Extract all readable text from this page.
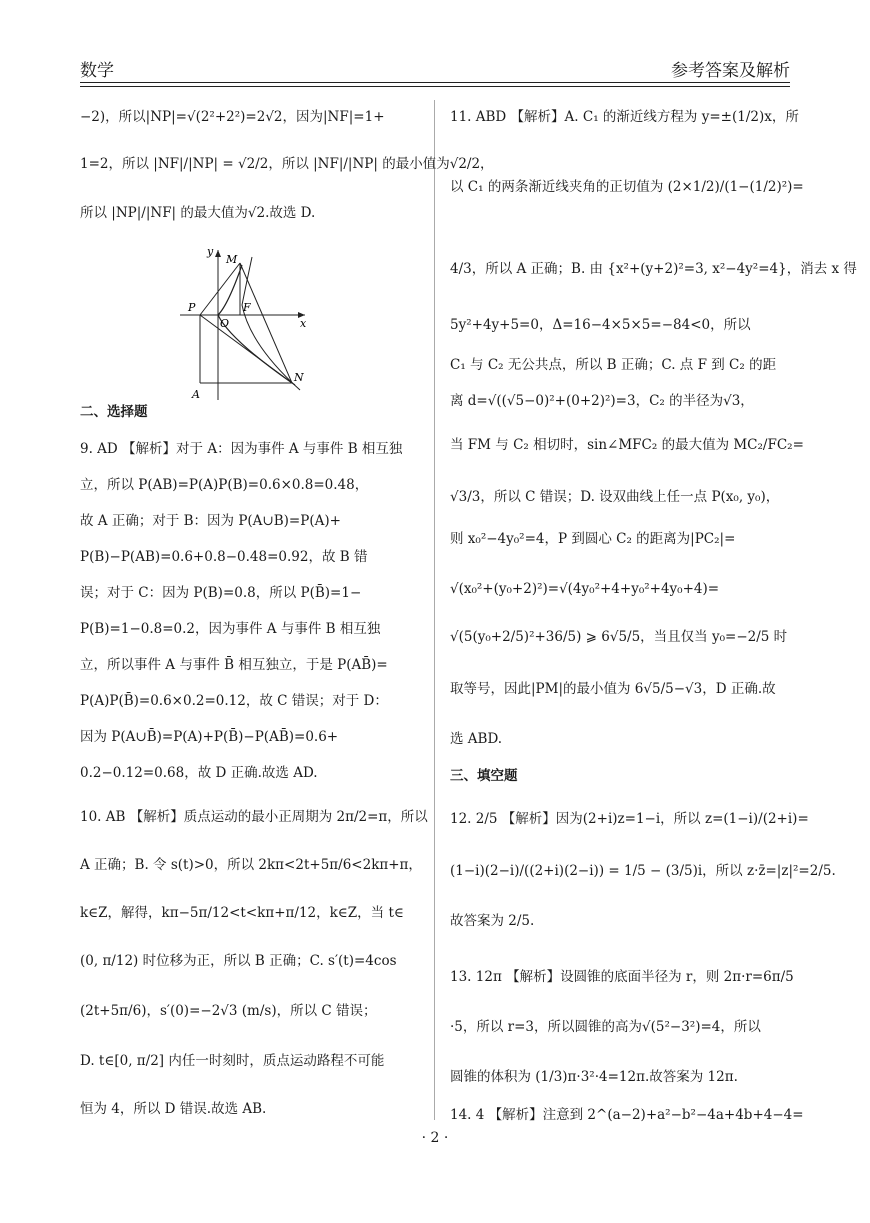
数学	参考答案及解析
−2)，所以|NP|=√(2²+2²)=2√2，因为|NF|=1+
1=2，所以 |NF|/|NP| = √2/2，所以 |NF|/|NP| 的最小值为√2/2，
所以 |NP|/|NF| 的最大值为√2.故选 D.
y
M
P	F
O	x
A
N
二、选择题
9. AD 【解析】对于 A：因为事件 A 与事件 B 相互独
立，所以 P(AB)=P(A)P(B)=0.6×0.8=0.48，
故 A 正确；对于 B：因为 P(A∪B)=P(A)+
P(B)−P(AB)=0.6+0.8−0.48=0.92，故 B 错
误；对于 C：因为 P(B)=0.8，所以 P(B̄)=1−
P(B)=1−0.8=0.2，因为事件 A 与事件 B 相互独
立，所以事件 A 与事件 B̄ 相互独立，于是 P(AB̄)=
P(A)P(B̄)=0.6×0.2=0.12，故 C 错误；对于 D：
因为 P(A∪B̄)=P(A)+P(B̄)−P(AB̄)=0.6+
0.2−0.12=0.68，故 D 正确.故选 AD.
10. AB 【解析】质点运动的最小正周期为 2π/2=π，所以
A 正确；B. 令 s(t)>0，所以 2kπ<2t+5π/6<2kπ+π，
k∈Z，解得，kπ−5π/12<t<kπ+π/12，k∈Z，当 t∈
(0, π/12) 时位移为正，所以 B 正确；C. s′(t)=4cos
(2t+5π/6)，s′(0)=−2√3 (m/s)，所以 C 错误；
D. t∈[0, π/2] 内任一时刻时，质点运动路程不可能
恒为 4，所以 D 错误.故选 AB.
11. ABD 【解析】A. C₁ 的渐近线方程为 y=±(1/2)x，所
以 C₁ 的两条渐近线夹角的正切值为 (2×1/2)/(1−(1/2)²)=
4/3，所以 A 正确；B. 由 {x²+(y+2)²=3, x²−4y²=4}，消去 x 得
5y²+4y+5=0，Δ=16−4×5×5=−84<0，所以
C₁ 与 C₂ 无公共点，所以 B 正确；C. 点 F 到 C₂ 的距
离 d=√((√5−0)²+(0+2)²)=3，C₂ 的半径为√3，
当 FM 与 C₂ 相切时，sin∠MFC₂ 的最大值为 MC₂/FC₂=
√3/3，所以 C 错误；D. 设双曲线上任一点 P(x₀, y₀)，
则 x₀²−4y₀²=4，P 到圆心 C₂ 的距离为|PC₂|=
√(x₀²+(y₀+2)²)=√(4y₀²+4+y₀²+4y₀+4)=
√(5(y₀+2/5)²+36/5) ⩾ 6√5/5，当且仅当 y₀=−2/5 时
取等号，因此|PM|的最小值为 6√5/5−√3，D 正确.故
选 ABD.
三、填空题
12. 2/5 【解析】因为(2+i)z=1−i，所以 z=(1−i)/(2+i)=
(1−i)(2−i)/((2+i)(2−i)) = 1/5 − (3/5)i，所以 z·z̄=|z|²=2/5.
故答案为 2/5.
13. 12π 【解析】设圆锥的底面半径为 r，则 2π·r=6π/5
·5，所以 r=3，所以圆锥的高为√(5²−3²)=4，所以
圆锥的体积为 (1/3)π·3²·4=12π.故答案为 12π.
14. 4 【解析】注意到 2^(a−2)+a²−b²−4a+4b+4−4=
· 2 ·
